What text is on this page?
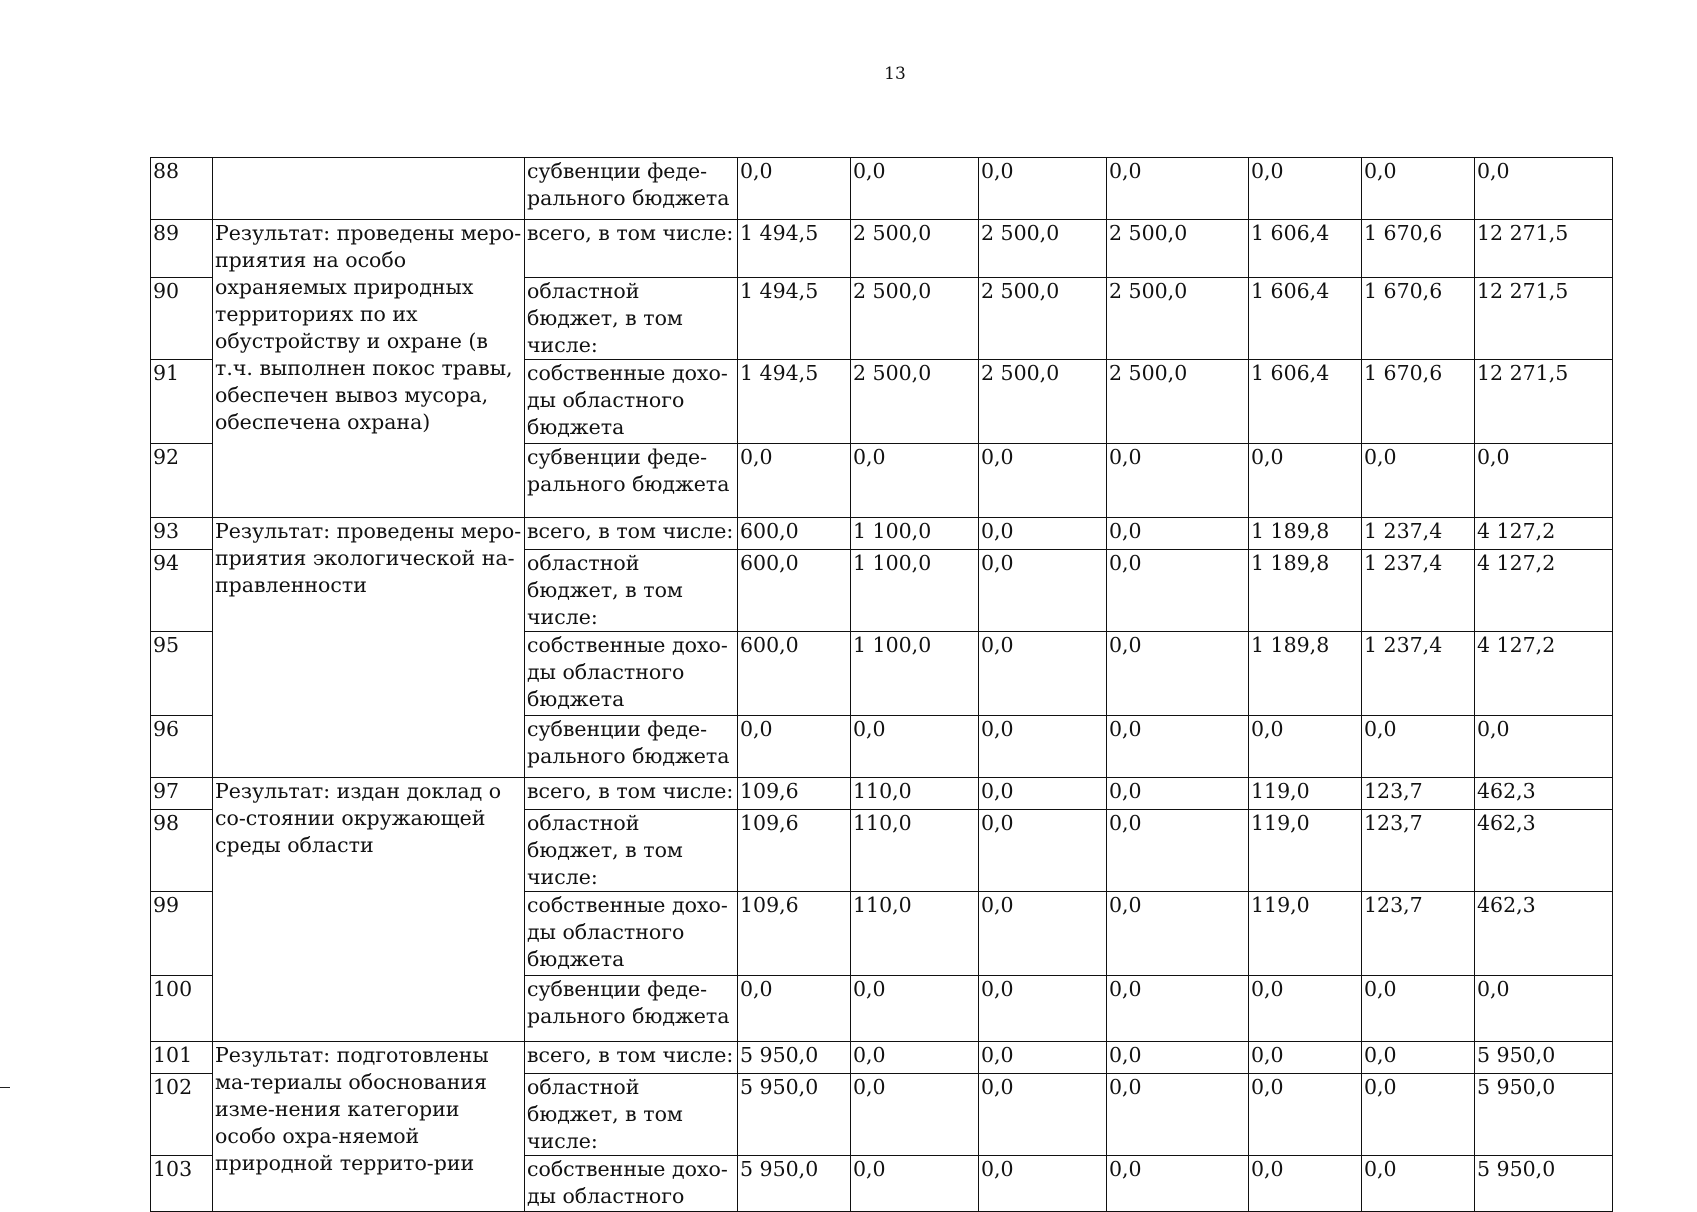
13
88		субвенции феде-рального бюджета	0,0	0,0	0,0	0,0	0,0	0,0	0,0
89	Результат: проведены меро-приятия на особо охраняемых природных территориях по их обустройству и охране (в т.ч. выполнен покос травы, обеспечен вывоз мусора, обеспечена охрана)	всего, в том числе:	1 494,5	2 500,0	2 500,0	2 500,0	1 606,4	1 670,6	12 271,5
90		областной бюджет, в том числе:	1 494,5	2 500,0	2 500,0	2 500,0	1 606,4	1 670,6	12 271,5
91		собственные дохо-ды областного бюджета	1 494,5	2 500,0	2 500,0	2 500,0	1 606,4	1 670,6	12 271,5
92		субвенции феде-рального бюджета	0,0	0,0	0,0	0,0	0,0	0,0	0,0
93	Результат: проведены меро-приятия экологической на-правленности	всего, в том числе:	600,0	1 100,0	0,0	0,0	1 189,8	1 237,4	4 127,2
94		областной бюджет, в том числе:	600,0	1 100,0	0,0	0,0	1 189,8	1 237,4	4 127,2
95		собственные дохо-ды областного бюджета	600,0	1 100,0	0,0	0,0	1 189,8	1 237,4	4 127,2
96		субвенции феде-рального бюджета	0,0	0,0	0,0	0,0	0,0	0,0	0,0
97	Результат: издан доклад о со-стоянии окружающей среды области	всего, в том числе:	109,6	110,0	0,0	0,0	119,0	123,7	462,3
98		областной бюджет, в том числе:	109,6	110,0	0,0	0,0	119,0	123,7	462,3
99		собственные дохо-ды областного бюджета	109,6	110,0	0,0	0,0	119,0	123,7	462,3
100		субвенции феде-рального бюджета	0,0	0,0	0,0	0,0	0,0	0,0	0,0
101	Результат: подготовлены ма-териалы обоснования изме-нения категории особо охра-няемой природной террито-рии	всего, в том числе:	5 950,0	0,0	0,0	0,0	0,0	0,0	5 950,0
102		областной бюджет, в том числе:	5 950,0	0,0	0,0	0,0	0,0	0,0	5 950,0
103		собственные дохо-ды областного	5 950,0	0,0	0,0	0,0	0,0	0,0	5 950,0
